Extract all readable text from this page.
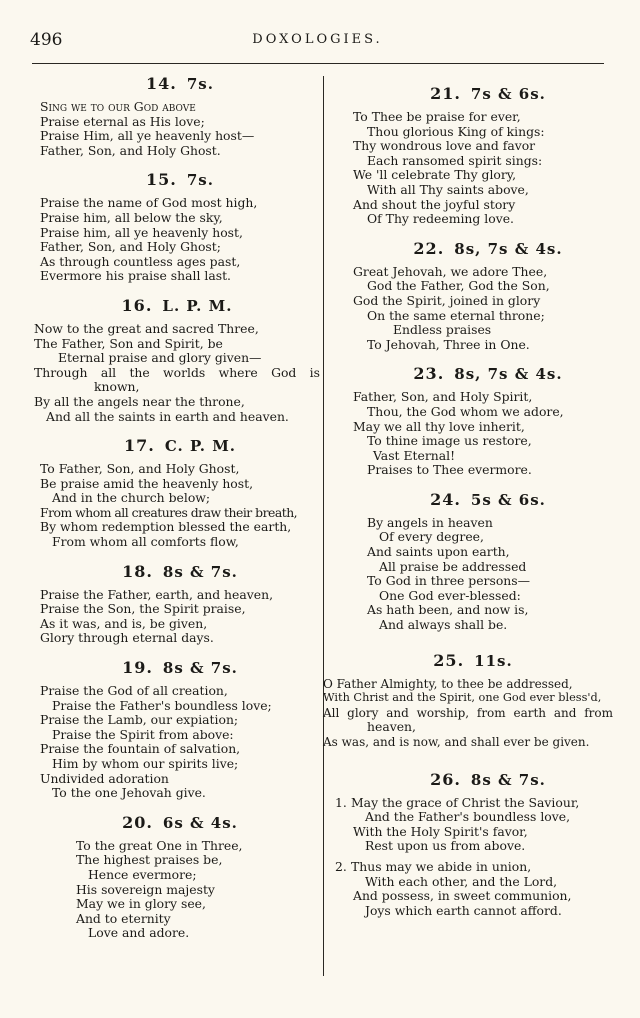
496	DOXOLOGIES.
14. 7s.
Sing we to our God above
Praise eternal as His love;
Praise Him, all ye heavenly host—
Father, Son, and Holy Ghost.
15. 7s.
Praise the name of God most high,
Praise him, all below the sky,
Praise him, all ye heavenly host,
Father, Son, and Holy Ghost;
As through countless ages past,
Evermore his praise shall last.
16. L. P. M.
Now to the great and sacred Three,
The Father, Son and Spirit, be
Eternal praise and glory given—
Through all the worlds where God is
known,
By all the angels near the throne,
And all the saints in earth and heaven.
17. C. P. M.
To Father, Son, and Holy Ghost,
Be praise amid the heavenly host,
And in the church below;
From whom all creatures draw their breath,
By whom redemption blessed the earth,
From whom all comforts flow,
18. 8s & 7s.
Praise the Father, earth, and heaven,
Praise the Son, the Spirit praise,
As it was, and is, be given,
Glory through eternal days.
19. 8s & 7s.
Praise the God of all creation,
Praise the Father's boundless love;
Praise the Lamb, our expiation;
Praise the Spirit from above:
Praise the fountain of salvation,
Him by whom our spirits live;
Undivided adoration
To the one Jehovah give.
20. 6s & 4s.
To the great One in Three,
The highest praises be,
Hence evermore;
His sovereign majesty
May we in glory see,
And to eternity
Love and adore.
21. 7s & 6s.
To Thee be praise for ever,
Thou glorious King of kings:
Thy wondrous love and favor
Each ransomed spirit sings:
We 'll celebrate Thy glory,
With all Thy saints above,
And shout the joyful story
Of Thy redeeming love.
22. 8s, 7s & 4s.
Great Jehovah, we adore Thee,
God the Father, God the Son,
God the Spirit, joined in glory
On the same eternal throne;
Endless praises
To Jehovah, Three in One.
23. 8s, 7s & 4s.
Father, Son, and Holy Spirit,
Thou, the God whom we adore,
May we all thy love inherit,
To thine image us restore,
Vast Eternal!
Praises to Thee evermore.
24. 5s & 6s.
By angels in heaven
Of every degree,
And saints upon earth,
All praise be addressed
To God in three persons—
One God ever-blessed:
As hath been, and now is,
And always shall be.
25. 11s.
O Father Almighty, to thee be addressed,
With Christ and the Spirit, one God ever bless'd,
All glory and worship, from earth and from
heaven,
As was, and is now, and shall ever be given.
26. 8s & 7s.
1. May the grace of Christ the Saviour,
And the Father's boundless love,
With the Holy Spirit's favor,
Rest upon us from above.
2. Thus may we abide in union,
With each other, and the Lord,
And possess, in sweet communion,
Joys which earth cannot afford.
